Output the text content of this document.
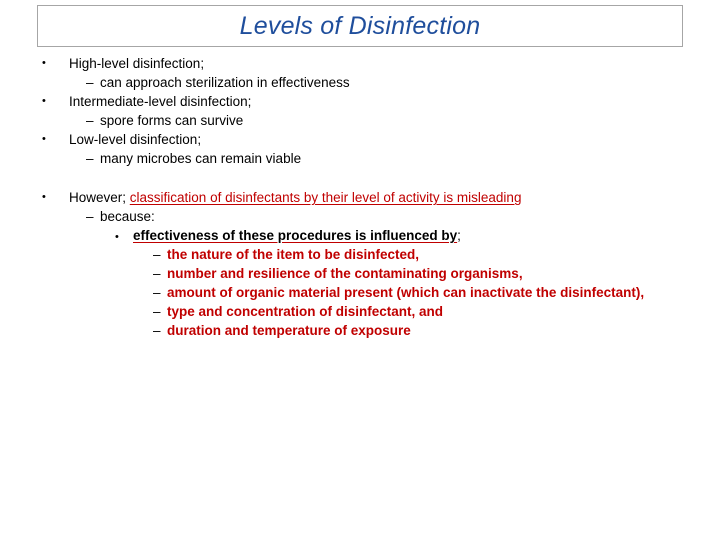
Levels of Disinfection
• High-level disinfection;
– can approach sterilization in effectiveness
• Intermediate-level disinfection;
– spore forms can survive
• Low-level disinfection;
– many microbes can remain viable
• However; classification of disinfectants by their level of activity is misleading
– because:
• effectiveness of these procedures is influenced by;
– the nature of the item to be disinfected,
– number and resilience of the contaminating organisms,
– amount of organic material present (which can inactivate the disinfectant),
– type and concentration of disinfectant, and
– duration and temperature of exposure
